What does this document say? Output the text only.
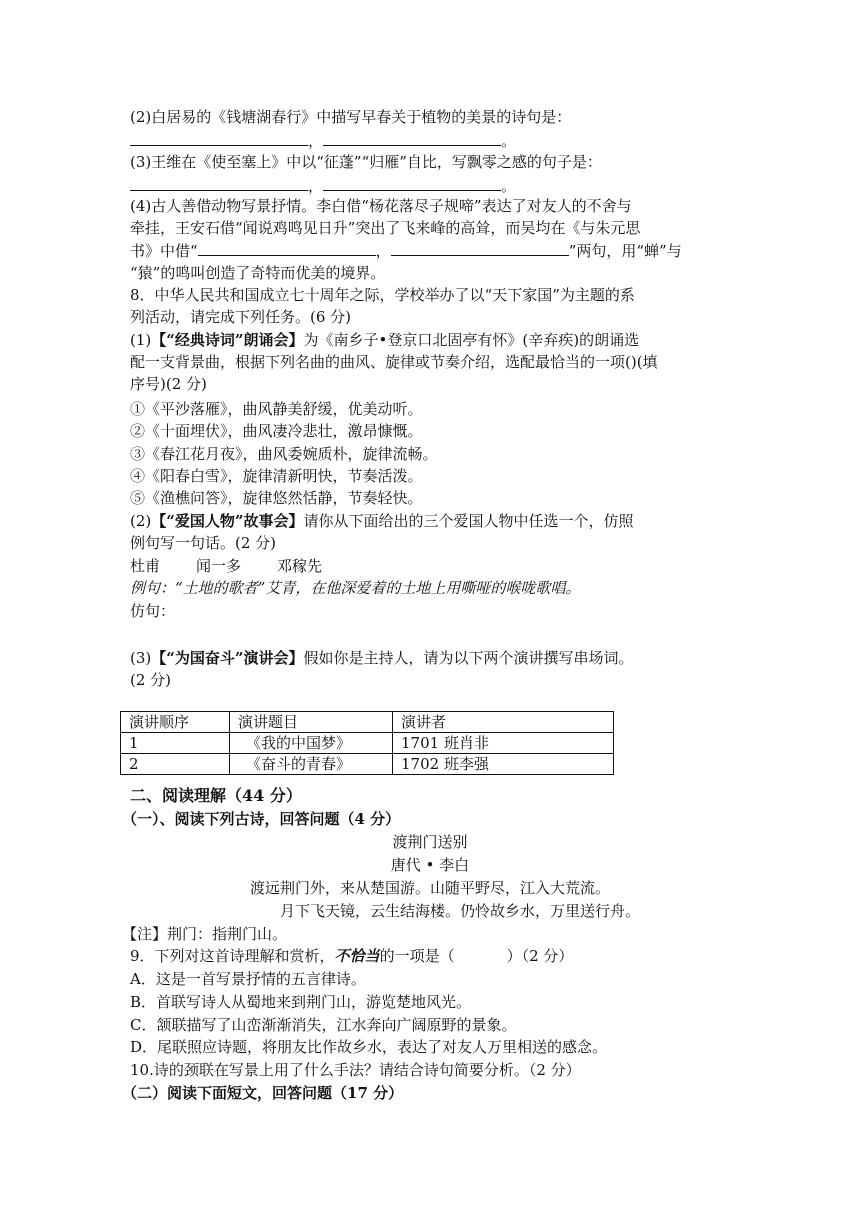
(2)白居易的《钱塘湖春行》中描写早春关于植物的美景的诗句是：
，	。
(3)王维在《使至塞上》中以“征蓬”“归雁”自比，写飘零之感的句子是：
，	。
(4)古人善借动物写景抒情。李白借“杨花落尽子规啼”表达了对友人的不舍与
牵挂，王安石借“闻说鸡鸣见日升”突出了飞来峰的高耸，而吴均在《与朱元思
书》中借“	，	”两句，用“蝉”与
“猿”的鸣叫创造了奇特而优美的境界。
8．中华人民共和国成立七十周年之际，学校举办了以“天下家国”为主题的系
列活动，请完成下列任务。(6 分)
(1)【“经典诗词”朗诵会】为《南乡子•登京口北固亭有怀》(辛弃疾)的朗诵选
配一支背景曲，根据下列名曲的曲风、旋律或节奏介绍，选配最恰当的一项()(填
序号)(2 分)
①《平沙落雁》，曲风静美舒缓，优美动听。
②《十面埋伏》，曲风凄冷悲壮，激昂慷慨。
③《春江花月夜》，曲风委婉质朴，旋律流畅。
④《阳春白雪》，旋律清新明快，节奏活泼。
⑤《渔樵问答》，旋律悠然恬静，节奏轻快。
(2)【“爱国人物”故事会】请你从下面给出的三个爱国人物中任选一个，仿照
例句写一句话。(2 分)
杜甫 闻一多 邓稼先
例句：“土地的歌者”艾青，在他深爱着的土地上用嘶哑的喉咙歌唱。
仿句：
(3)【“为国奋斗”演讲会】假如你是主持人，请为以下两个演讲撰写串场词。
(2 分)
演讲顺序	演讲题目	演讲者
1	《我的中国梦》	1701 班肖非
2	《奋斗的青春》	1702 班李强
二、阅读理解（44 分）
（一）、阅读下列古诗，回答问题（4 分）
渡荆门送别
唐代 • 李白
渡远荆门外，来从楚国游。山随平野尽，江入大荒流。
月下飞天镜，云生结海楼。仍怜故乡水，万里送行舟。
【注】荆门：指荆门山。
9．下列对这首诗理解和赏析，不恰当的一项是（	）（2 分）
A．这是一首写景抒情的五言律诗。
B．首联写诗人从蜀地来到荆门山，游览楚地风光。
C．颔联描写了山峦渐渐消失，江水奔向广阔原野的景象。
D．尾联照应诗题，将朋友比作故乡水，表达了对友人万里相送的感念。
10.诗的颈联在写景上用了什么手法？请结合诗句简要分析。（2 分）
（二）阅读下面短文，回答问题（17 分）
